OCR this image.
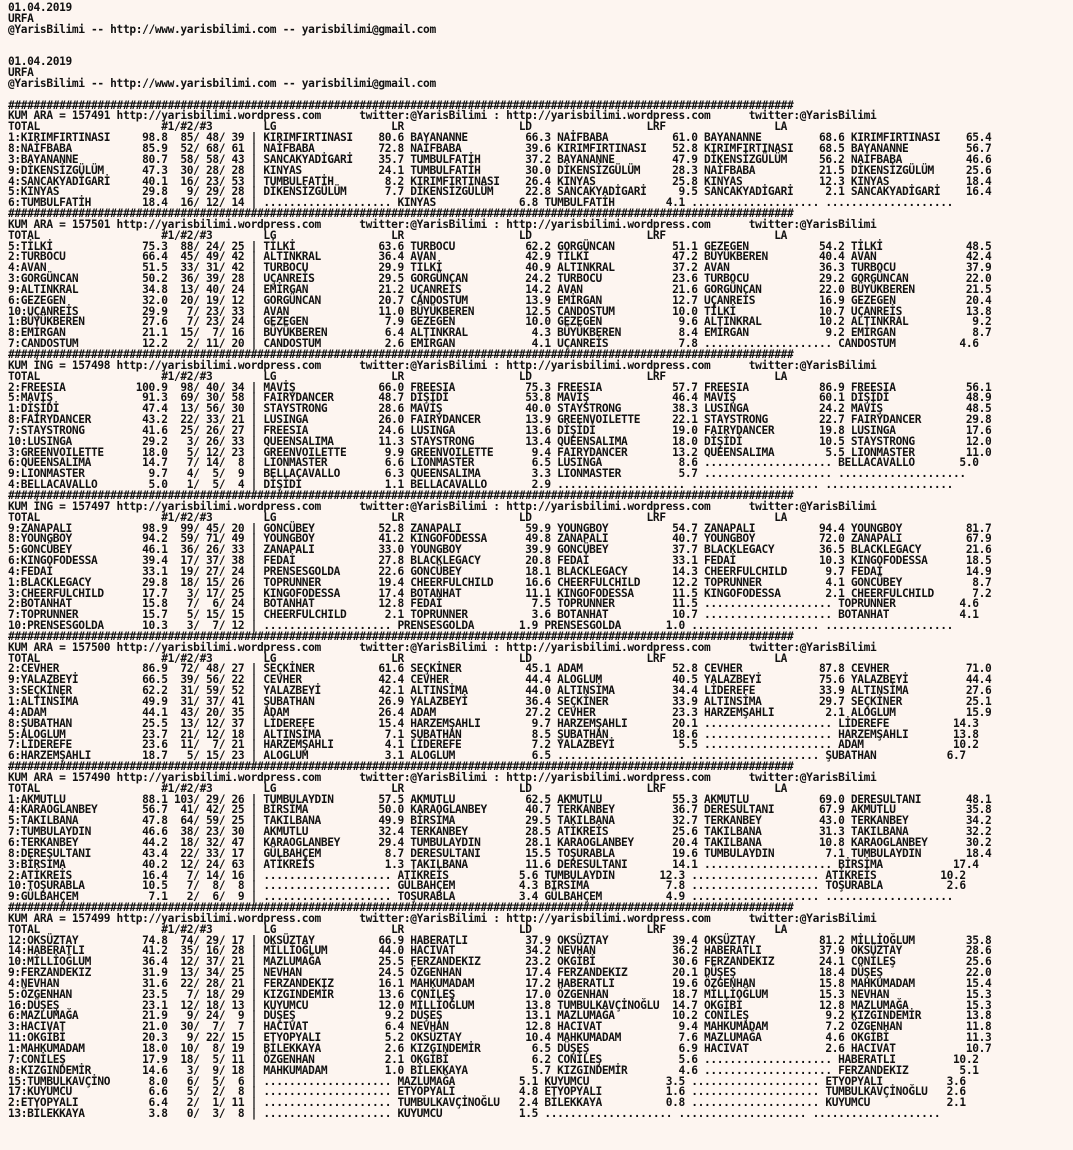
01.04.2019
URFA
@YarisBilimi -- http://www.yarisbilimi.com -- yarisbilimi@gmail.com

01.04.2019
URFA
@YarisBilimi -- http://www.yarisbilimi.com -- yarisbilimi@gmail.com

###########################################################################################################################
KUM ARA = 157491 http://yarisbilimi.wordpress.com      twitter:@YarisBilimi : http://yarisbilimi.wordpress.com      twitter:@YarisBilimi
TOTAL                   #1/#2/#3        LG                  LR                  LD                  LRF                 LA
1:KIRIMFIRTINASI     98.8  85/ 48/ 39 | KIRIMFIRTINASI    80.6 BAYANANNE         66.3 NAİFBABA          61.0 BAYANANNE         68.6 KIRIMFIRTINASI    65.4
8:NAİFBABA           85.9  52/ 68/ 61 | NAİFBABA          72.8 NAİFBABA          39.6 KIRIMFIRTINASI    52.8 KIRIMFIRTINASI    68.5 BAYANANNE         56.7
3:BAYANANNE          80.7  58/ 58/ 43 | SANCAKYADİGARİ    35.7 TUMBULFATİH       37.2 BAYANANNE         47.9 DİKENSİZGÜLÜM     56.2 NAİFBABA          46.6
9:DİKENSİZGÜLÜM      47.3  30/ 28/ 28 | KINYAS            24.1 TUMBULFATİH       30.0 DİKENSİZGÜLÜM     28.3 NAİFBABA          21.5 DİKENSİZGÜLÜM     25.6
4:SANCAKYADİGARİ     40.1  16/ 23/ 53 | TUMBULFATİH        8.2 KIRIMFIRTINASI    26.4 KINYAS            25.8 KINYAS            12.3 KINYAS            18.4
5:KINYAS             29.8   9/ 29/ 28 | DİKENSİZGÜLÜM      7.7 DİKENSİZGÜLÜM     22.8 SANCAKYADİGARİ     9.5 SANCAKYADİGARİ     2.1 SANCAKYADİGARİ    16.4
6:TUMBULFATİH        18.4  16/ 12/ 14 | .................... KINYAS             6.8 TUMBULFATİH        4.1 .................... ....................
###########################################################################################################################
KUM ARA = 157501 http://yarisbilimi.wordpress.com      twitter:@YarisBilimi : http://yarisbilimi.wordpress.com      twitter:@YarisBilimi
TOTAL                   #1/#2/#3        LG                  LR                  LD                  LRF                 LA
5:TİLKİ              75.3  88/ 24/ 25 | TİLKİ             63.6 TURBOCU           62.2 GORGÜNCAN         51.1 GEZEGEN           54.2 TİLKİ             48.5
2:TURBOCU            66.4  45/ 49/ 42 | ALTINKRAL         36.4 AVAN              42.9 TİLKİ             47.2 BÜYÜKBEREN        40.4 AVAN              42.4
4:AVAN               51.5  33/ 31/ 42 | TURBOCU           29.9 TİLKİ             40.9 ALTINKRAL         37.2 AVAN              36.3 TURBOCU           37.9
3:GORGÜNCAN          50.2  36/ 39/ 28 | UÇANREİS          29.5 GORGÜNCAN         24.2 TURBOCU           23.6 TURBOCU           29.2 GORGÜNCAN         22.0
9:ALTINKRAL          34.8  13/ 40/ 24 | EMİRGAN           21.2 UÇANREİS          14.2 AVAN              21.6 GORGÜNCAN         22.0 BÜYÜKBEREN        21.5
6:GEZEGEN            32.0  20/ 19/ 12 | GORGÜNCAN         20.7 CANDOSTUM         13.9 EMİRGAN           12.7 UÇANREİS          16.9 GEZEGEN           20.4
10:UÇANREİS          29.9   7/ 23/ 33 | AVAN              11.0 BÜYÜKBEREN        12.5 CANDOSTUM         10.0 TİLKİ             10.7 UÇANREİS          13.8
1:BÜYÜKBEREN         27.6   7/ 23/ 24 | GEZEGEN            7.9 GEZEGEN           10.0 GEZEGEN            9.6 ALTINKRAL         10.2 ALTINKRAL          9.2
8:EMİRGAN            21.1  15/  7/ 16 | BÜYÜKBEREN         6.4 ALTINKRAL          4.3 BÜYÜKBEREN         8.4 EMİRGAN            9.2 EMİRGAN            8.7
7:CANDOSTUM          12.2   2/ 11/ 20 | CANDOSTUM          2.6 EMİRGAN            4.1 UÇANREİS           7.8 .................... CANDOSTUM          4.6
###########################################################################################################################
KUM İNG = 157498 http://yarisbilimi.wordpress.com      twitter:@YarisBilimi : http://yarisbilimi.wordpress.com      twitter:@YarisBilimi
TOTAL                   #1/#2/#3        LG                  LR                  LD                  LRF                 LA
2:FREESIA           100.9  98/ 40/ 34 | MAVİŞ             66.0 FREESIA           75.3 FREESIA           57.7 FREESIA           86.9 FREESIA           56.1
5:MAVİŞ              91.3  69/ 30/ 58 | FAIRYDANCER       48.7 DİŞİDİ            53.8 MAVİŞ             46.4 MAVİŞ             60.1 DİŞİDİ            48.9
1:DİŞİDİ             47.4  13/ 56/ 30 | STAYSTRONG        28.6 MAVİŞ             40.0 STAYSTRONG        38.3 LUSINGA           24.2 MAVİŞ             48.5
8:FAIRYDANCER        43.2  22/ 33/ 21 | LUSINGA           26.0 FAIRYDANCER       13.9 GREENVOILETTE     22.1 STAYSTRONG        22.7 FAIRYDANCER       29.8
7:STAYSTRONG         41.6  25/ 26/ 27 | FREESIA           24.6 LUSINGA           13.6 DİŞİDİ            19.0 FAIRYDANCER       19.8 LUSINGA           17.6
10:LUSINGA           29.2   3/ 26/ 33 | QUEENSALIMA       11.3 STAYSTRONG        13.4 QUEENSALIMA       18.0 DİŞİDİ            10.5 STAYSTRONG        12.0
3:GREENVOILETTE      18.0   5/ 12/ 23 | GREENVOILETTE      9.9 GREENVOILETTE      9.4 FAIRYDANCER       13.2 QUEENSALIMA        5.5 LIONMASTER        11.0
6:QUEENSALIMA        14.7   7/ 14/  8 | LIONMASTER         6.6 LIONMASTER         6.5 LUSINGA            8.6 .................... BELLACAVALLO       5.0
9:LIONMASTER          9.7   4/  5/  9 | BELLACAVALLO       6.3 QUEENSALIMA        3.3 LIONMASTER         5.7 .................... ....................
4:BELLACAVALLO        5.0   1/  5/  4 | DİŞİDİ             1.1 BELLACAVALLO       2.9 .................... .................... ....................
###########################################################################################################################
KUM İNG = 157497 http://yarisbilimi.wordpress.com      twitter:@YarisBilimi : http://yarisbilimi.wordpress.com      twitter:@YarisBilimi
TOTAL                   #1/#2/#3        LG                  LR                  LD                  LRF                 LA
9:ZANAPALI           98.9  99/ 45/ 20 | GONCÜBEY          52.8 ZANAPALI          59.9 YOUNGBOY          54.7 ZANAPALI          94.4 YOUNGBOY          81.7
8:YOUNGBOY           94.2  59/ 71/ 49 | YOUNGBOY          41.2 KINGOFODESSA      49.8 ZANAPALI          40.7 YOUNGBOY          72.0 ZANAPALI          67.9
5:GONCÜBEY           46.1  36/ 26/ 33 | ZANAPALI          33.0 YOUNGBOY          39.9 GONCÜBEY          37.7 BLACKLEGACY       36.5 BLACKLEGACY       21.6
6:KINGOFODESSA       39.4  17/ 37/ 38 | FEDAİ             27.8 BLACKLEGACY       20.8 FEDAİ             33.1 FEDAİ             10.3 KINGOFODESSA      18.5
4:FEDAİ              33.1  19/ 27/ 24 | PRENSESGOLDA      22.6 GONCÜBEY          18.1 BLACKLEGACY       14.3 CHEERFULCHILD      9.7 FEDAİ             14.9
1:BLACKLEGACY        29.8  18/ 15/ 26 | TOPRUNNER         19.4 CHEERFULCHILD     16.6 CHEERFULCHILD     12.2 TOPRUNNER          4.1 GONCÜBEY           8.7
3:CHEERFULCHILD      17.7   3/ 17/ 25 | KINGOFODESSA      17.4 BOTANHAT          11.1 KINGOFODESSA      11.5 KINGOFODESSA       2.1 CHEERFULCHILD      7.2
2:BOTANHAT           15.8   7/  6/ 24 | BOTANHAT          12.8 FEDAİ              7.5 TOPRUNNER         11.5 .................... TOPRUNNER          4.6
7:TOPRUNNER          15.7   5/ 15/ 15 | CHEERFULCHILD      2.1 TOPRUNNER          3.6 BOTANHAT          10.7 .................... BOTANHAT           4.1
10:PRENSESGOLDA      10.3   3/  7/ 12 | .................... PRENSESGOLDA       1.9 PRENSESGOLDA       1.0 .................... ....................
###########################################################################################################################
KUM ARA = 157500 http://yarisbilimi.wordpress.com      twitter:@YarisBilimi : http://yarisbilimi.wordpress.com      twitter:@YarisBilimi
TOTAL                   #1/#2/#3        LG                  LR                  LD                  LRF                 LA
2:CEVHER             86.9  72/ 48/ 27 | SEÇKİNER          61.6 SEÇKİNER          45.1 ADAM              52.8 CEVHER            87.8 CEVHER            71.0
9:YALAZBEYİ          66.5  39/ 56/ 22 | CEVHER            42.4 CEVHER            44.4 ALOGLUM           40.5 YALAZBEYİ         75.6 YALAZBEYİ         44.4
3:SEÇKİNER           62.2  31/ 59/ 52 | YALAZBEYİ         42.1 ALTINSİMA         44.0 ALTINSİMA         34.4 LİDEREFE          33.9 ALTINSİMA         27.6
1:ALTINSİMA          49.9  31/ 37/ 41 | ŞUBATHAN          26.9 YALAZBEYİ         36.4 SEÇKİNER          33.9 ALTINSİMA         29.7 SEÇKİNER          25.1
4:ADAM               44.1  43/ 20/ 35 | ADAM              26.4 ADAM              27.2 CEVHER            23.3 HARZEMŞAHLI        2.1 ALOGLUM           15.9
8:ŞUBATHAN           25.5  13/ 12/ 37 | LİDEREFE          15.4 HARZEMŞAHLI        9.7 HARZEMŞAHLI       20.1 .................... LİDEREFE          14.3
5:ALOGLUM            23.7  21/ 12/ 18 | ALTINSİMA          7.1 ŞUBATHAN           8.5 ŞUBATHAN          18.6 .................... HARZEMŞAHLI       13.8
7:LİDEREFE           23.6  11/  7/ 21 | HARZEMŞAHLI        4.1 LİDEREFE           7.2 YALAZBEYİ          5.5 .................... ADAM              10.2
6:HARZEMŞAHLI        18.7   5/ 15/ 23 | ALOGLUM            3.1 ALOGLUM            6.5 .................... .................... ŞUBATHAN           6.7
###########################################################################################################################
KUM ARA = 157490 http://yarisbilimi.wordpress.com      twitter:@YarisBilimi : http://yarisbilimi.wordpress.com      twitter:@YarisBilimi
TOTAL                   #1/#2/#3        LG                  LR                  LD                  LRF                 LA
1:AKMUTLU            88.1 103/ 29/ 26 | TUMBULAYDIN       57.5 AKMUTLU           62.5 AKMUTLU           55.3 AKMUTLU           69.0 DERESULTANI       48.1
4:KARAOGLANBEY       56.7  41/ 42/ 25 | BİRSİMA           50.0 KARAOGLANBEY      40.7 TERKANBEY         36.7 DERESULTANI       67.9 AKMUTLU           35.8
5:TAKILBANA          47.8  64/ 59/ 25 | TAKILBANA         49.9 BİRSİMA           29.5 TAKILBANA         32.7 TERKANBEY         43.0 TERKANBEY         34.2
7:TUMBULAYDIN        46.6  38/ 23/ 30 | AKMUTLU           32.4 TERKANBEY         28.5 ATİKREİS          25.6 TAKILBANA         31.3 TAKILBANA         32.2
6:TERKANBEY          44.2  18/ 32/ 47 | KARAOGLANBEY      29.4 TUMBULAYDIN       28.1 KARAOGLANBEY      20.4 TAKILBANA         10.8 KARAOGLANBEY      30.2
8:DERESULTANI        43.4  22/ 33/ 17 | GÜLBAHÇEM          8.7 DERESULTANI       15.5 TOŞURABLA         19.6 TUMBULAYDIN        7.1 TUMBULAYDIN       18.4
3:BİRSİMA            40.2  12/ 24/ 63 | ATİKREİS           1.3 TAKILBANA         11.6 DERESULTANI       14.1 .................... BİRSİMA           17.4
2:ATİKREİS           16.4   7/ 14/ 16 | .................... ATİKREİS           5.6 TUMBULAYDIN       12.3 .................... ATİKREİS          10.2
10:TOŞURABLA         10.5   7/  8/  8 | .................... GÜLBAHÇEM          4.3 BİRSİMA            7.8 .................... TOŞURABLA          2.6
9:GÜLBAHÇEM           7.1   2/  6/  9 | .................... TOŞURABLA          3.4 GÜLBAHÇEM          4.9 .................... ....................
###########################################################################################################################
KUM ARA = 157499 http://yarisbilimi.wordpress.com      twitter:@YarisBilimi : http://yarisbilimi.wordpress.com      twitter:@YarisBilimi
TOTAL                   #1/#2/#3        LG                  LR                  LD                  LRF                 LA
12:OKSÜZTAY          74.8  74/ 29/ 17 | OKSÜZTAY          66.9 HABERATLI         37.9 OKSÜZTAY          39.4 OKSÜZTAY          81.2 MİLLİOĞLUM        35.8
14:HABERATLI         41.2  35/ 16/ 28 | MİLLİOĞLUM        44.0 HACIVAT           34.2 NEVHAN            36.2 HABERATLI         37.9 OKSÜZTAY          28.6
10:MİLLİOĞLUM        36.4  12/ 37/ 21 | MAZLUMAĞA         25.5 FERZANDEKIZ       23.2 OKGİBİ            30.6 FERZANDEKIZ       24.1 CONİLEŞ           25.6
9:FERZANDEKIZ        31.9  13/ 34/ 25 | NEVHAN            24.5 ÖZGENHAN          17.4 FERZANDEKIZ       20.1 DÜŞEŞ             18.4 DÜŞEŞ             22.0
4:NEVHAN             31.6  22/ 28/ 21 | FERZANDEKIZ       16.1 MAHKUMADAM        17.2 HABERATLI         19.6 ÖZGENHAN          15.8 MAHKUMADAM        15.4
5:ÖZGENHAN           23.5   7/ 18/ 29 | KIZGINDEMİR       13.6 CONİLEŞ           17.0 ÖZGENHAN          18.7 MİLLİOĞLUM        15.3 NEVHAN            15.3
16:DÜŞEŞ             23.1  12/ 18/ 13 | KUYUMCU           12.0 MİLLİOĞLUM        13.8 TUMBULKAVÇİNOĞLU  14.7 OKGİBİ            12.8 MAZLUMAĞA         15.3
6:MAZLUMAĞA          21.9   9/ 24/  9 | DÜŞEŞ              9.2 DÜŞEŞ             13.1 MAZLUMAĞA         10.2 CONİLEŞ            9.2 KIZGINDEMİR       13.8
3:HACIVAT            21.0  30/  7/  7 | HACIVAT            6.4 NEVHAN            12.8 HACIVAT            9.4 MAHKUMADAM         7.2 ÖZGENHAN          11.8
11:OKGİBİ            20.3   9/ 22/ 15 | ETYOPYALI          5.2 OKSÜZTAY          10.4 MAHKUMADAM         7.6 MAZLUMAĞA          4.6 OKGİBİ            11.3
1:MAHKUMADAM         18.0  10/  8/ 19 | BİLEKKAYA          2.6 KIZGINDEMİR        6.5 DÜŞEŞ              6.9 HACIVAT            2.6 HACIVAT           10.7
7:CONİLEŞ            17.9  18/  5/ 11 | ÖZGENHAN           2.1 OKGİBİ             6.2 CONİLEŞ            5.6 .................... HABERATLI         10.2
8:KIZGINDEMİR        14.6   3/  9/ 18 | MAHKUMADAM         1.0 BİLEKKAYA          5.7 KIZGINDEMİR        4.6 .................... FERZANDEKIZ        5.1
15:TUMBULKAVÇİNO      8.0   6/  5/  6 | .................... MAZLUMAĞA          5.1 KUYUMCU            3.5 .................... ETYOPYALI          3.6
17:KUYUMCU            6.6   5/  2/  8 | .................... ETYOPYALI          4.8 ETYOPYALI          1.6 .................... TUMBULKAVÇİNOĞLU   2.6
2:ETYOPYALI           6.4   2/  1/ 11 | .................... TUMBULKAVÇİNOĞLU   2.4 BİLEKKAYA          0.8 .................... KUYUMCU            2.1
13:BİLEKKAYA          3.8   0/  3/  8 | .................... KUYUMCU            1.5 .................... .................... ....................
